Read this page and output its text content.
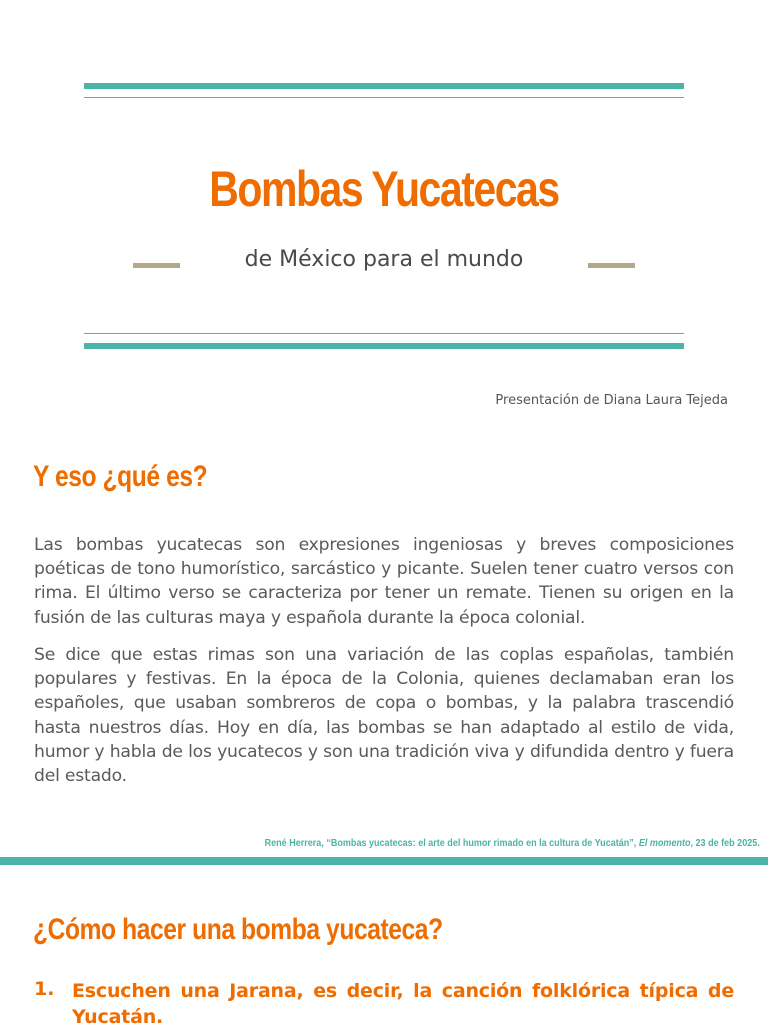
Bombas Yucatecas
de México para el mundo
Presentación de Diana Laura Tejeda
Y eso ¿qué es?

Las bombas yucatecas son expresiones ingeniosas y breves composiciones poéticas de tono humorístico, sarcástico y picante. Suelen tener cuatro versos con rima. El último verso se caracteriza por tener un remate. Tienen su origen en la fusión de las culturas maya y española durante la época colonial.

Se dice que estas rimas son una variación de las coplas españolas, también populares y festivas. En la época de la Colonia, quienes declamaban eran los españoles, que usaban sombreros de copa o bombas, y la palabra trascendió hasta nuestros días. Hoy en día, las bombas se han adaptado al estilo de vida, humor y habla de los yucatecos y son una tradición viva y difundida dentro y fuera del estado.

René Herrera, “Bombas yucatecas: el arte del humor rimado en la cultura de Yucatán”, El momento, 23 de feb 2025.
¿Cómo hacer una bomba yucateca?
1. Escuchen una Jarana, es decir, la canción folklórica típica de Yucatán.
